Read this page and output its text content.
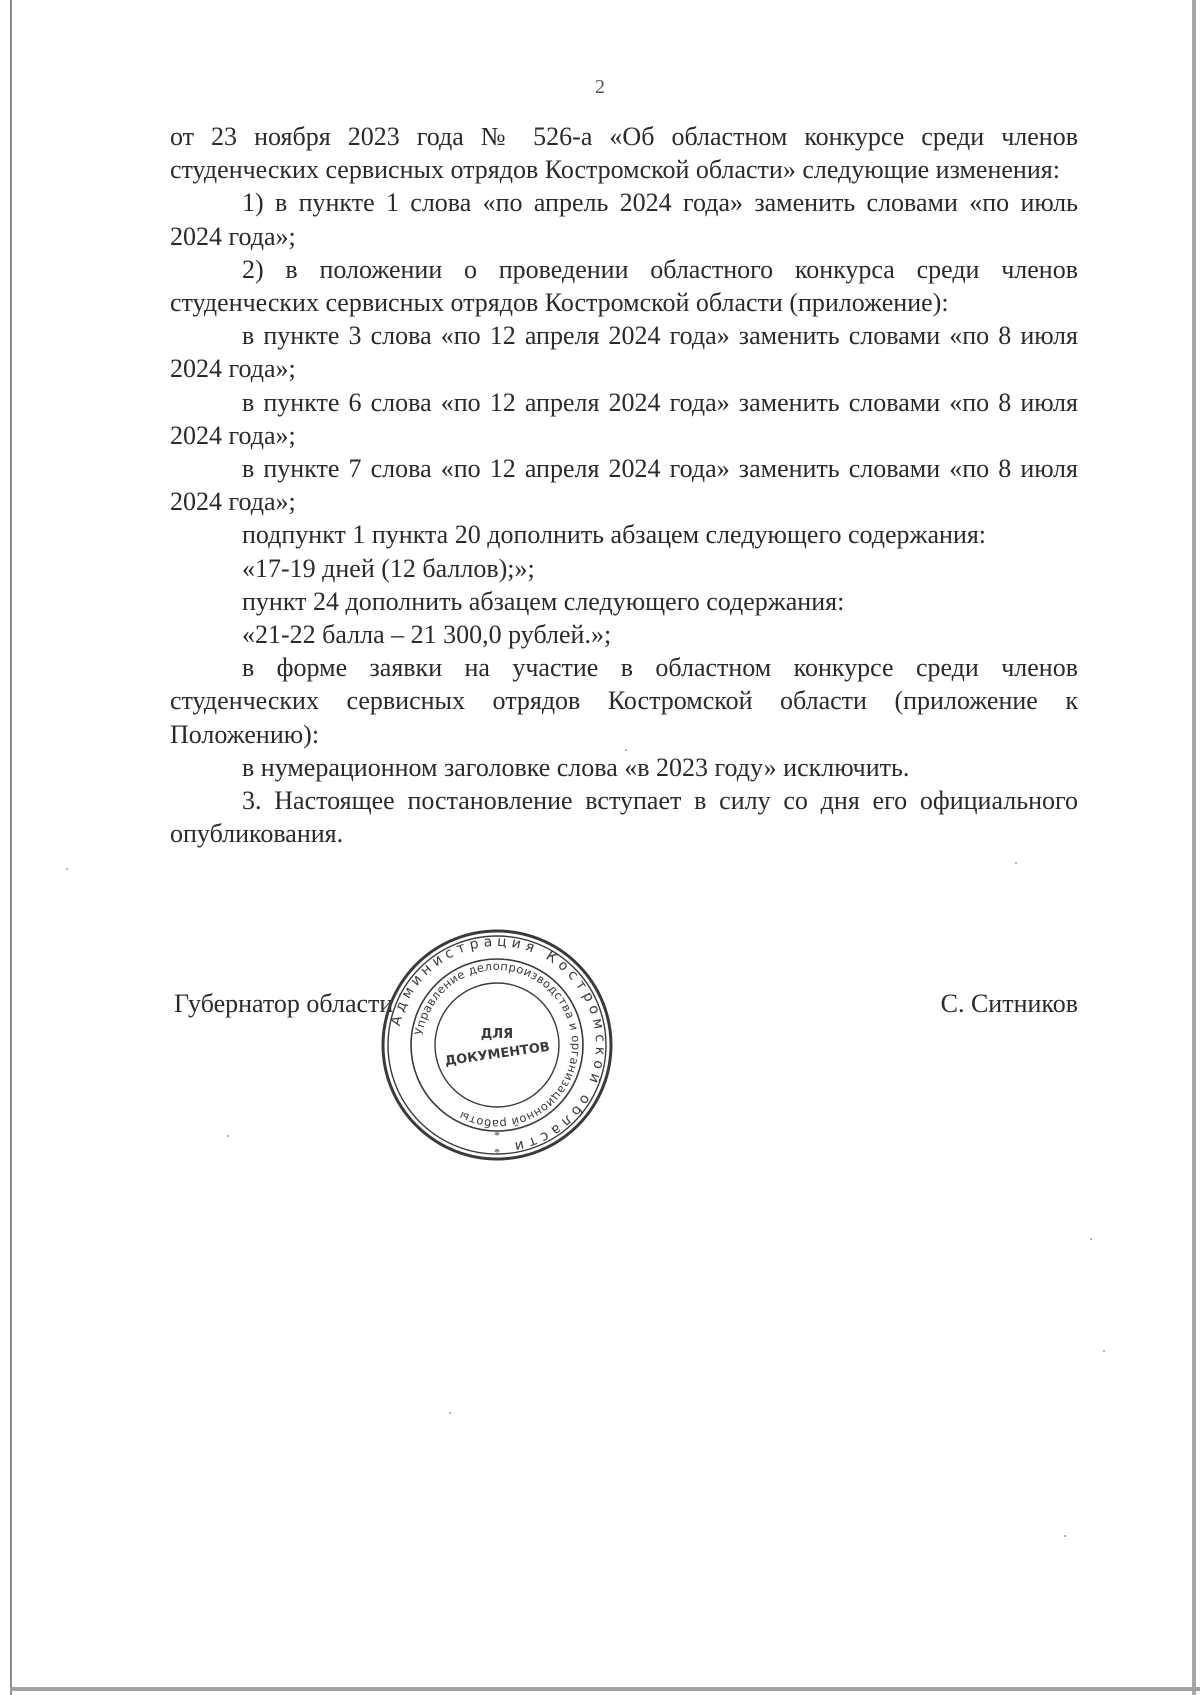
2

от 23 ноября 2023 года № 526-а «Об областном конкурсе среди членов студенческих сервисных отрядов Костромской области» следующие изменения:

1) в пункте 1 слова «по апрель 2024 года» заменить словами «по июль 2024 года»;

2) в положении о проведении областного конкурса среди членов студенческих сервисных отрядов Костромской области (приложение):

в пункте 3 слова «по 12 апреля 2024 года» заменить словами «по 8 июля 2024 года»;

в пункте 6 слова «по 12 апреля 2024 года» заменить словами «по 8 июля 2024 года»;

в пункте 7 слова «по 12 апреля 2024 года» заменить словами «по 8 июля 2024 года»;

подпункт 1 пункта 20 дополнить абзацем следующего содержания:

«17-19 дней (12 баллов);»;

пункт 24 дополнить абзацем следующего содержания:

«21-22 балла – 21 300,0 рублей.»;

в форме заявки на участие в областном конкурсе среди членов студенческих сервисных отрядов Костромской области (приложение к Положению):

в нумерационном заголовке слова «в 2023 году» исключить.

3. Настоящее постановление вступает в силу со дня его официального опубликования.

Губернатор области	С. Ситников
Администрация Костромской области
Управление делопроизводства и организационной работы
ДЛЯ
ДОКУМЕНТОВ
*
*
